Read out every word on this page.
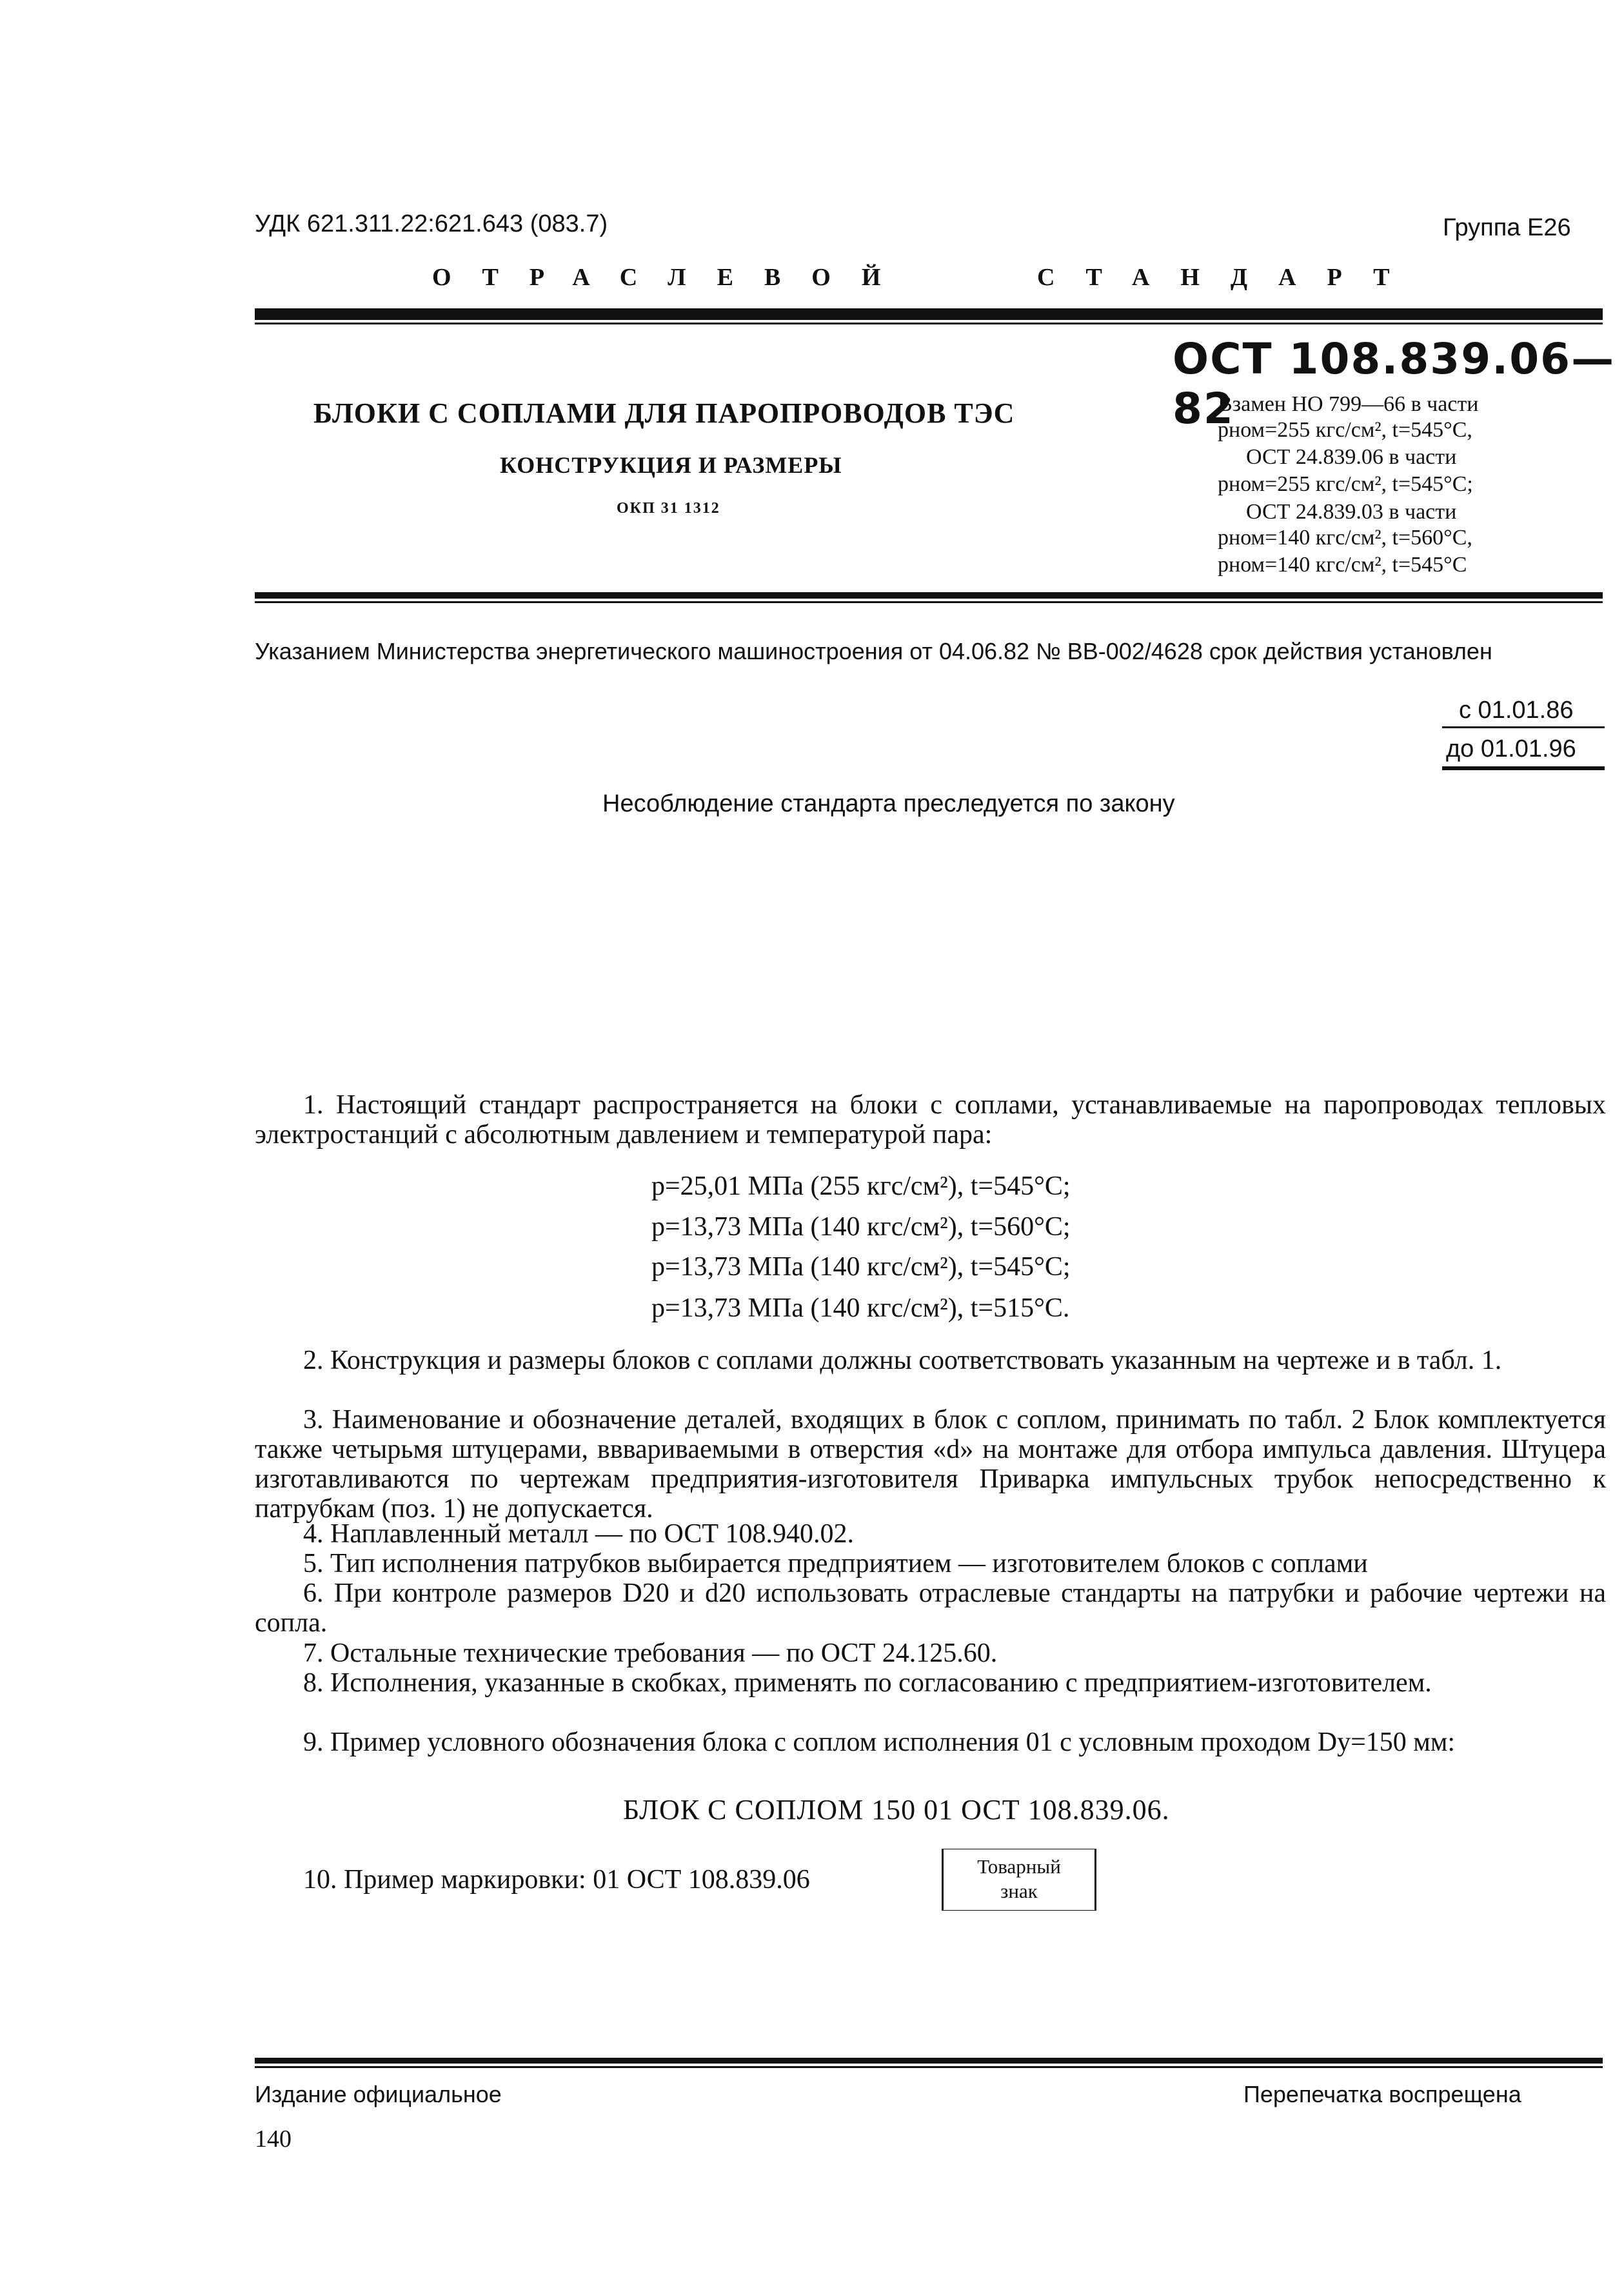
УДК 621.311.22:621.643 (083.7)	Группа Е26
ОТРАСЛЕВОЙ	СТАНДАРТ
ОСТ 108.839.06—82
БЛОКИ С СОПЛАМИ ДЛЯ ПАРОПРОВОДОВ ТЭС
КОНСТРУКЦИЯ И РАЗМЕРЫ
ОКП 31 1312
Взамен НО 799—66 в части
pном=255 кгс/см², t=545°C,
ОСТ 24.839.06 в части
pном=255 кгс/см², t=545°C;
ОСТ 24.839.03 в части
pном=140 кгс/см², t=560°C,
pном=140 кгс/см², t=545°C
Указанием Министерства энергетического машиностроения от 04.06.82 № ВВ-002/4628 срок действия установлен
с 01.01.86
до 01.01.96
Несоблюдение стандарта преследуется по закону
1. Настоящий стандарт распространяется на блоки с соплами, устанавливаемые на паропроводах тепловых электростанций с абсолютным давлением и температурой пара:
p=25,01 МПа (255 кгс/см²), t=545°С;
p=13,73 МПа (140 кгс/см²), t=560°С;
p=13,73 МПа (140 кгс/см²), t=545°С;
p=13,73 МПа (140 кгс/см²), t=515°С.
2. Конструкция и размеры блоков с соплами должны соответствовать указанным на чертеже и в табл. 1.
3. Наименование и обозначение деталей, входящих в блок с соплом, принимать по табл. 2 Блок комплектуется также четырьмя штуцерами, вввариваемыми в отверстия «d» на монтаже для отбора импульса давления. Штуцера изготавливаются по чертежам предприятия-изготовителя Приварка импульсных трубок непосредственно к патрубкам (поз. 1) не допускается.
4. Наплавленный металл — по ОСТ 108.940.02.
5. Тип исполнения патрубков выбирается предприятием — изготовителем блоков с соплами
6. При контроле размеров D20 и d20 использовать отраслевые стандарты на патрубки и рабочие чертежи на сопла.
7. Остальные технические требования — по ОСТ 24.125.60.
8. Исполнения, указанные в скобках, применять по согласованию с предприятием-изготовителем.
9. Пример условного обозначения блока с соплом исполнения 01 с условным проходом Dу=150 мм:
БЛОК С СОПЛОМ 150 01 ОСТ 108.839.06.
10. Пример маркировки: 01 ОСТ 108.839.06	Товарный
знак
Издание официальное	Перепечатка воспрещена
140
